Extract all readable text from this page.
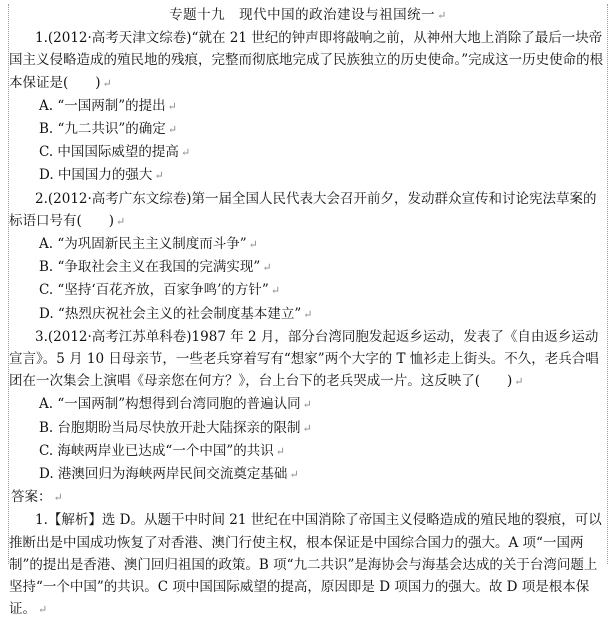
专题十九　现代中国的政治建设与祖国统一 ↵

1.(2012·高考天津文综卷)“就在 21 世纪的钟声即将敲响之前，从神州大地上消除了最后一块帝国主义侵略造成的殖民地的残痕，完整而彻底地完成了民族独立的历史使命。”完成这一历史使命的根本保证是(　　) ↵

A. “一国两制”的提出 ↵

B. “九二共识”的确定 ↵

C. 中国国际威望的提高 ↵

D. 中国国力的强大 ↵

2.(2012·高考广东文综卷)第一届全国人民代表大会召开前夕，发动群众宣传和讨论宪法草案的标语口号有(　　) ↵

A. “为巩固新民主主义制度而斗争” ↵

B. “争取社会主义在我国的完满实现” ↵

C. “坚持‘百花齐放，百家争鸣’的方针” ↵

D. “热烈庆祝社会主义的社会制度基本建立” ↵

3.(2012·高考江苏单科卷)1987 年 2 月，部分台湾同胞发起返乡运动，发表了《自由返乡运动宣言》。5 月 10 日母亲节，一些老兵穿着写有“想家”两个大字的 T 恤衫走上街头。不久，老兵合唱团在一次集会上演唱《母亲您在何方？》，台上台下的老兵哭成一片。这反映了(　　) ↵

A. “一国两制”构想得到台湾同胞的普遍认同 ↵

B. 台胞期盼当局尽快放开赴大陆探亲的限制 ↵

C. 海峡两岸业已达成“一个中国”的共识 ↵

D. 港澳回归为海峡两岸民间交流奠定基础 ↵

答案： ↵

1.【解析】选 D。从题干中时间 21 世纪在中国消除了帝国主义侵略造成的殖民地的裂痕，可以推断出是中国成功恢复了对香港、澳门行使主权，根本保证是中国综合国力的强大。A 项“一国两制”的提出是香港、澳门回归祖国的政策。B 项“九二共识”是海协会与海基会达成的关于台湾问题上坚持“一个中国”的共识。C 项中国国际威望的提高，原因即是 D 项国力的强大。故 D 项是根本保证。 ↵
